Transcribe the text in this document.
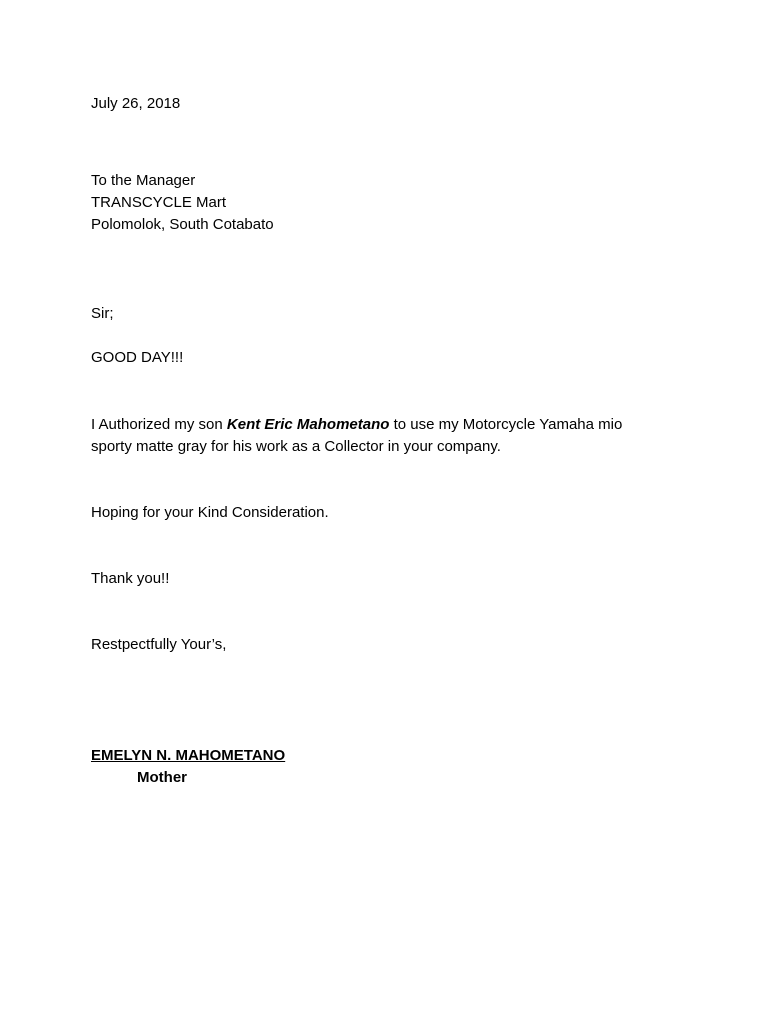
July 26, 2018
To the Manager
TRANSCYCLE Mart
Polomolok, South Cotabato
Sir;
GOOD DAY!!!
I Authorized my son Kent Eric Mahometano to use my Motorcycle Yamaha mio
sporty matte gray for his work as a Collector in your company.
Hoping for your Kind Consideration.
Thank you!!
Restpectfully Your’s,
EMELYN N. MAHOMETANO
Mother
